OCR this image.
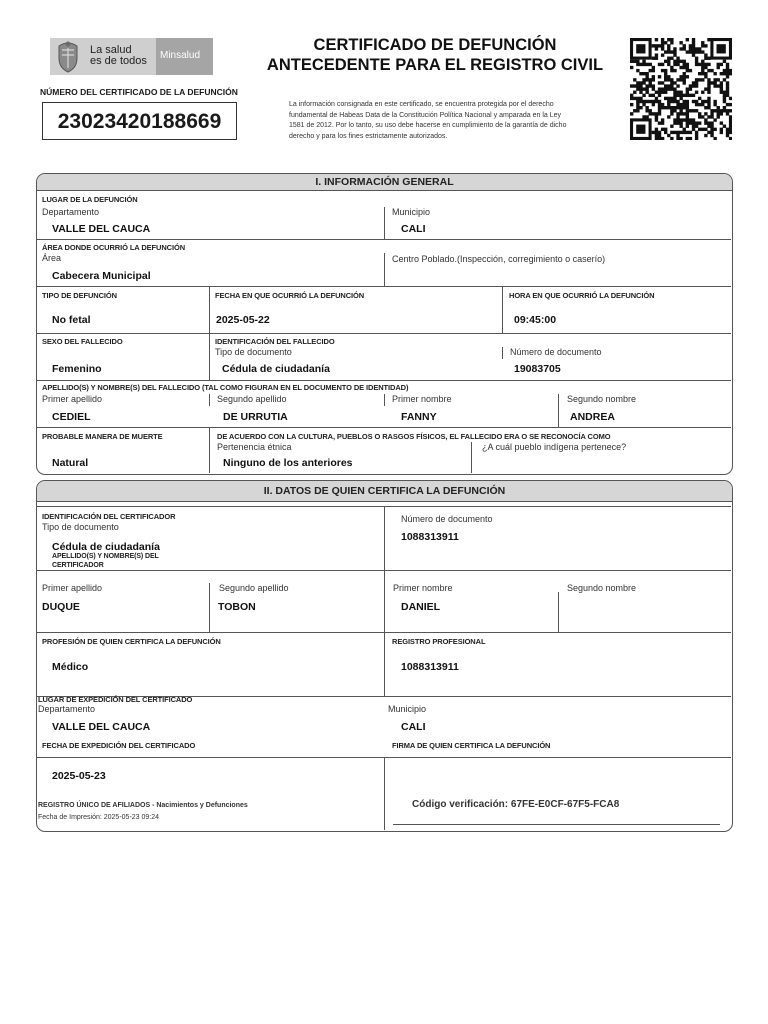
La salud
es de todos Minsalud
NÚMERO DEL CERTIFICADO DE LA DEFUNCIÓN
23023420188669
CERTIFICADO DE DEFUNCIÓN
ANTECEDENTE PARA EL REGISTRO CIVIL
La información consignada en este certificado, se encuentra protegida por el derecho
fundamental de Habeas Data de la Constitución Política Nacional y amparada en la Ley
1581 de 2012. Por lo tanto, su uso debe hacerse en cumplimiento de la garantía de dicho
derecho y para los fines estrictamente autorizados.
I. INFORMACIÓN GENERAL
LUGAR DE LA DEFUNCIÓN
Departamento
VALLE DEL CAUCA
Municipio
CALI
ÁREA DONDE OCURRIÓ LA DEFUNCIÓN
Área
Cabecera Municipal
Centro Poblado.(Inspección, corregimiento o caserío)
TIPO DE DEFUNCIÓN
No fetal
FECHA EN QUE OCURRIÓ LA DEFUNCIÓN
2025-05-22
HORA EN QUE OCURRIÓ LA DEFUNCIÓN
09:45:00
SEXO DEL FALLECIDO
Femenino
IDENTIFICACIÓN DEL FALLECIDO
Tipo de documento
Cédula de ciudadanía
Número de documento
19083705
APELLIDO(S) Y NOMBRE(S) DEL FALLECIDO (TAL COMO FIGURAN EN EL DOCUMENTO DE IDENTIDAD)
Primer apellido
CEDIEL
Segundo apellido
DE URRUTIA
Primer nombre
FANNY
Segundo nombre
ANDREA
PROBABLE MANERA DE MUERTE
Natural
DE ACUERDO CON LA CULTURA, PUEBLOS O RASGOS FÍSICOS, EL FALLECIDO ERA O SE RECONOCÍA COMO
Pertenencia étnica
Ninguno de los anteriores
¿A cuál pueblo indígena pertenece?
II. DATOS DE QUIEN CERTIFICA LA DEFUNCIÓN
IDENTIFICACIÓN DEL CERTIFICADOR
Tipo de documento
Cédula de ciudadanía
APELLIDO(S) Y NOMBRE(S) DEL
CERTIFICADOR
Número de documento
1088313911
Primer apellido
DUQUE
Segundo apellido
TOBON
Primer nombre
DANIEL
Segundo nombre
PROFESIÓN DE QUIEN CERTIFICA LA DEFUNCIÓN
Médico
REGISTRO PROFESIONAL
1088313911
LUGAR DE EXPEDICIÓN DEL CERTIFICADO
Departamento
VALLE DEL CAUCA
Municipio
CALI
FECHA DE EXPEDICIÓN DEL CERTIFICADO	FIRMA DE QUIEN CERTIFICA LA DEFUNCIÓN
2025-05-23
Código verificación: 67FE-E0CF-67F5-FCA8
REGISTRO ÚNICO DE AFILIADOS - Nacimientos y Defunciones
Fecha de Impresión: 2025-05-23 09:24
